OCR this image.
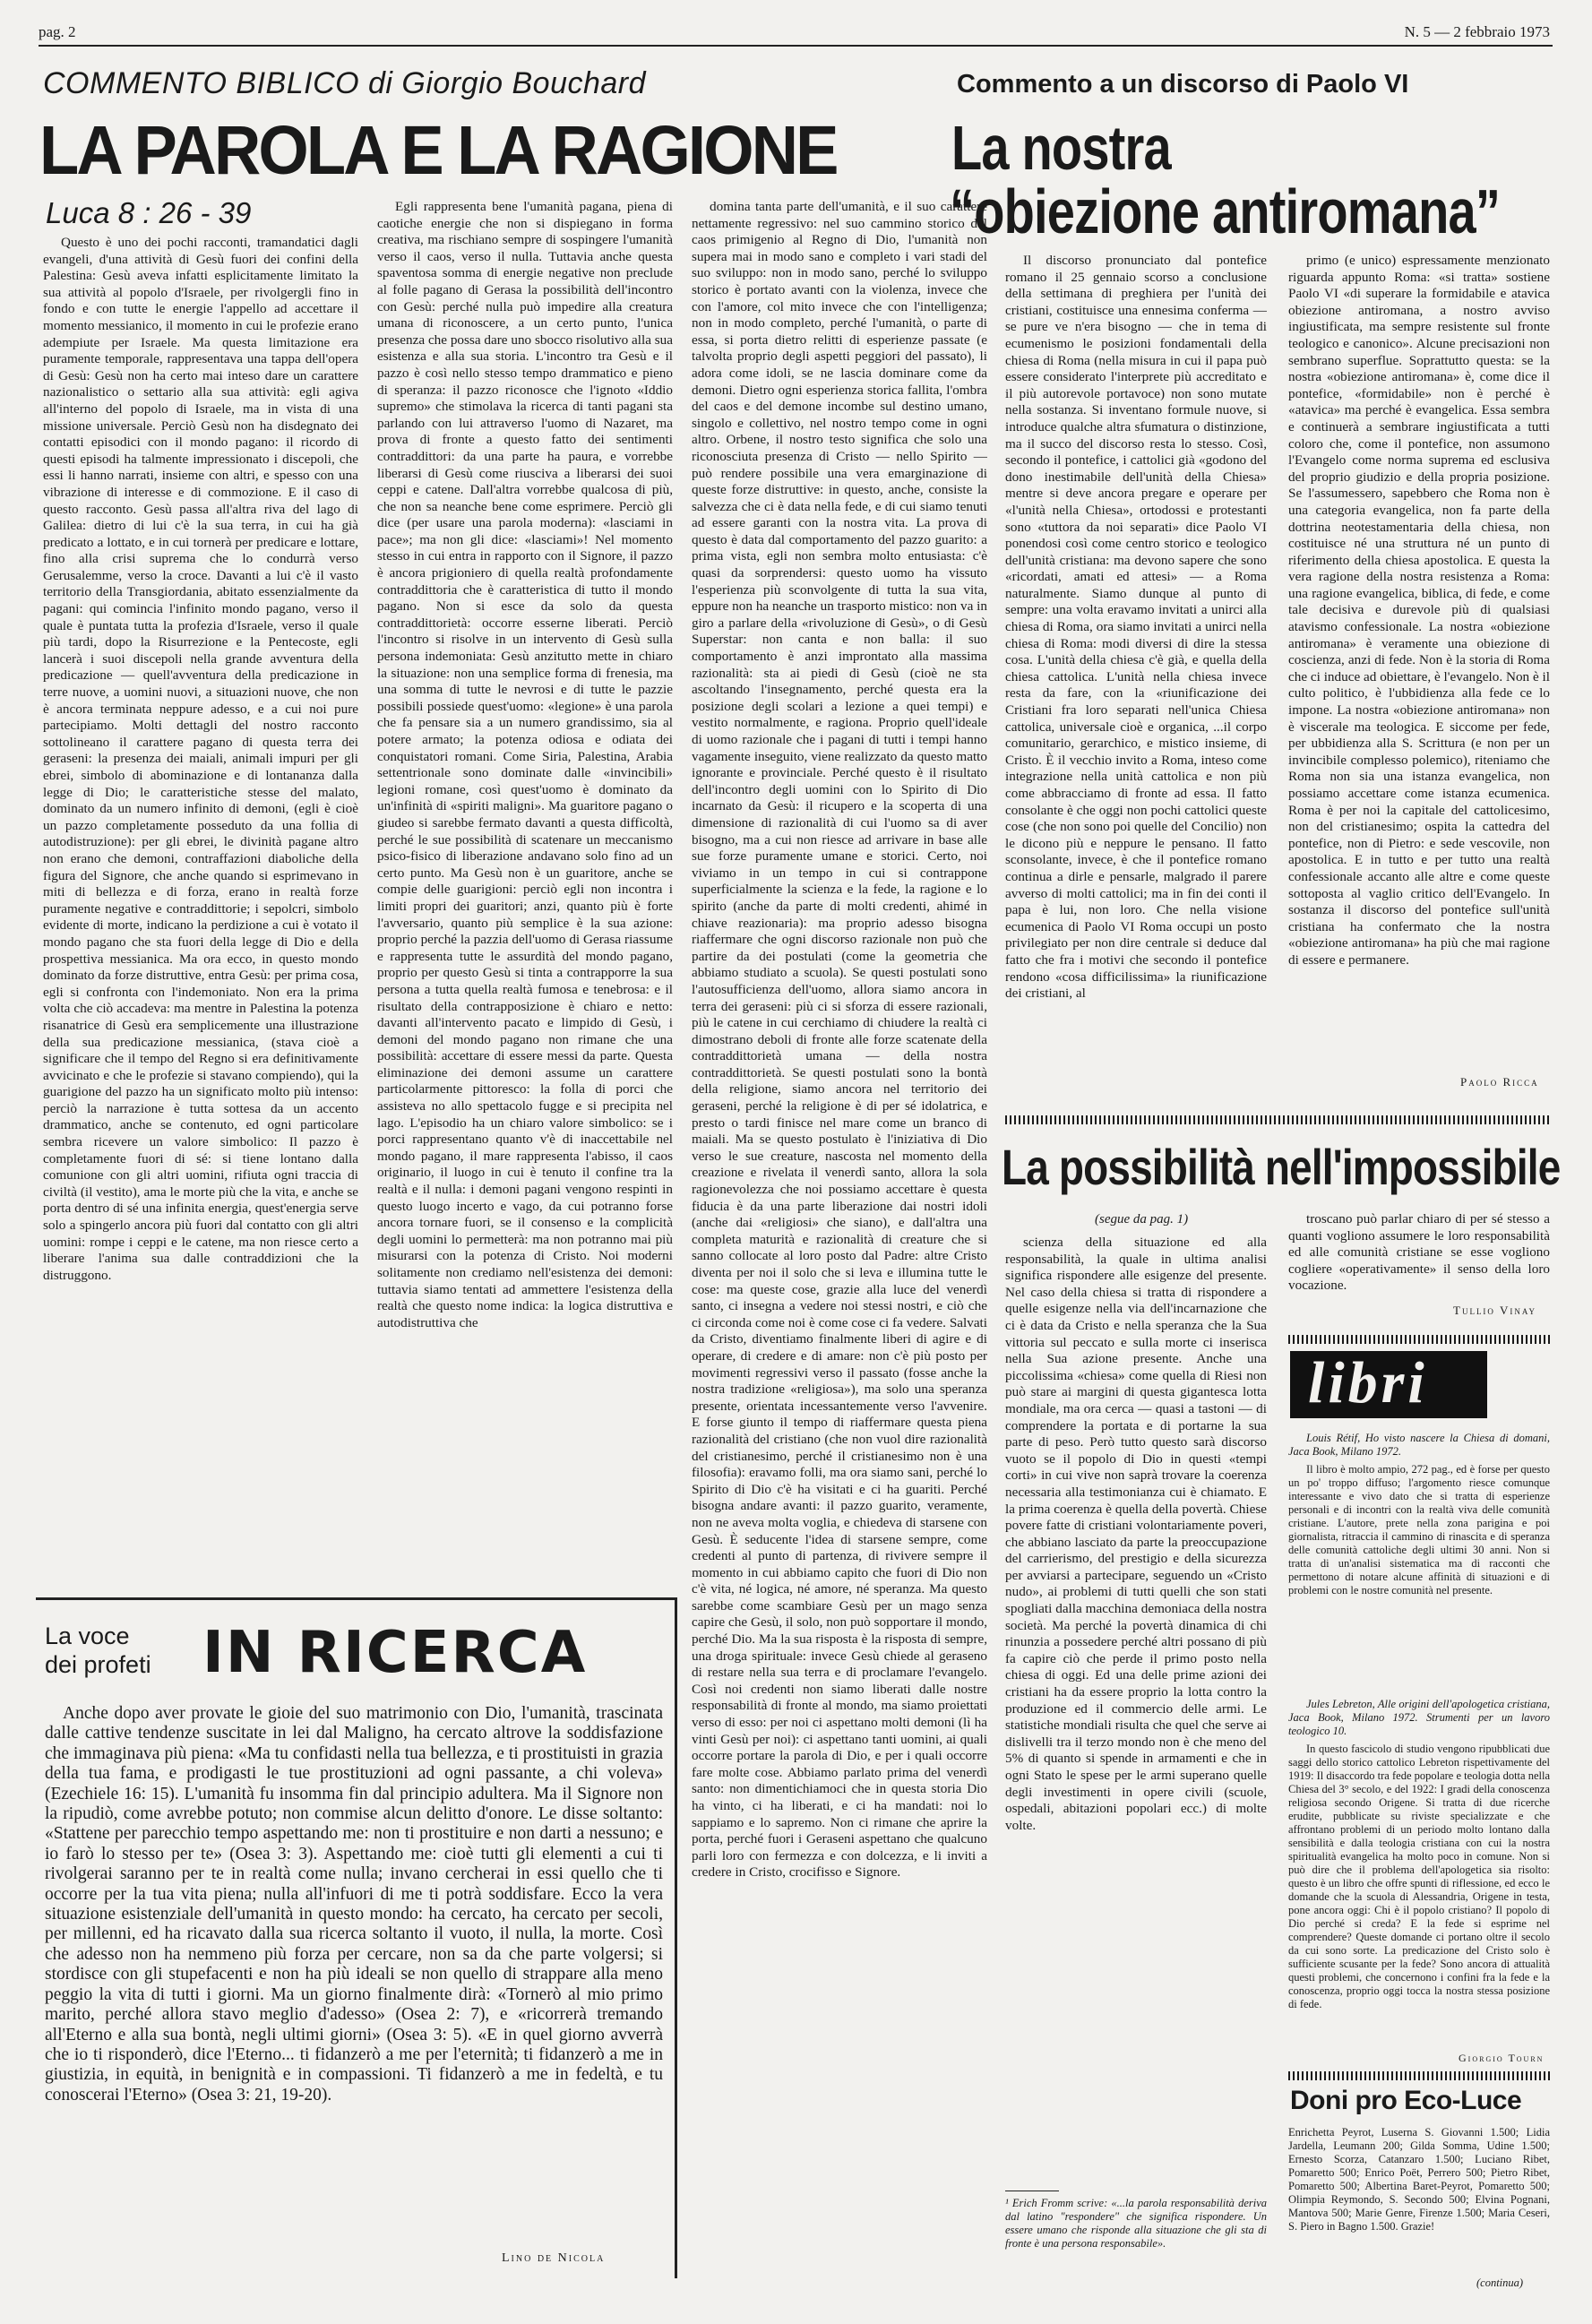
pag. 2	N. 5 — 2 febbraio 1973
COMMENTO BIBLICO di Giorgio Bouchard
LA PAROLA E LA RAGIONE
Luca 8 : 26 - 39

Questo è uno dei pochi racconti, tramandatici dagli evangeli, d'una attività di Gesù fuori dei confini della Palestina: Gesù aveva infatti esplicitamente limitato la sua attività al popolo d'Israele, per rivolgergli fino in fondo e con tutte le energie l'appello ad accettare il momento messianico, il momento in cui le profezie erano adempiute per Israele. Ma questa limitazione era puramente temporale, rappresentava una tappa dell'opera di Gesù: Gesù non ha certo mai inteso dare un carattere nazionalistico o settario alla sua attività: egli agiva all'interno del popolo di Israele, ma in vista di una missione universale. Perciò Gesù non ha disdegnato dei contatti episodici con il mondo pagano: il ricordo di questi episodi ha talmente impressionato i discepoli, che essi li hanno narrati, insieme con altri, e spesso con una vibrazione di interesse e di commozione. E il caso di questo racconto. Gesù passa all'altra riva del lago di Galilea: dietro di lui c'è la sua terra, in cui ha già predicato a lottato, e in cui tornerà per predicare e lottare, fino alla crisi suprema che lo condurrà verso Gerusalemme, verso la croce. Davanti a lui c'è il vasto territorio della Transgiordania, abitato essenzialmente da pagani: qui comincia l'infinito mondo pagano, verso il quale è puntata tutta la profezia d'Israele, verso il quale più tardi, dopo la Risurrezione e la Pentecoste, egli lancerà i suoi discepoli nella grande avventura della predicazione — quell'avventura della predicazione in terre nuove, a uomini nuovi, a situazioni nuove, che non è ancora terminata neppure adesso, e a cui noi pure partecipiamo. Molti dettagli del nostro racconto sottolineano il carattere pagano di questa terra dei geraseni: la presenza dei maiali, animali impuri per gli ebrei, simbolo di abominazione e di lontananza dalla legge di Dio; le caratteristiche stesse del malato, dominato da un numero infinito di demoni, (egli è cioè un pazzo completamente posseduto da una follia di autodistruzione): per gli ebrei, le divinità pagane altro non erano che demoni, contraffazioni diaboliche della figura del Signore, che anche quando si esprimevano in miti di bellezza e di forza, erano in realtà forze puramente negative e contraddittorie; i sepolcri, simbolo evidente di morte, indicano la perdizione a cui è votato il mondo pagano che sta fuori della legge di Dio e della prospettiva messianica. Ma ora ecco, in questo mondo dominato da forze distruttive, entra Gesù: per prima cosa, egli si confronta con l'indemoniato. Non era la prima volta che ciò accadeva: ma mentre in Palestina la potenza risanatrice di Gesù era semplicemente una illustrazione della sua predicazione messianica, (stava cioè a significare che il tempo del Regno si era definitivamente avvicinato e che le profezie si stavano compiendo), qui la guarigione del pazzo ha un significato molto più intenso: perciò la narrazione è tutta sottesa da un accento drammatico, anche se contenuto, ed ogni particolare sembra ricevere un valore simbolico: Il pazzo è completamente fuori di sé: si tiene lontano dalla comunione con gli altri uomini, rifiuta ogni traccia di civiltà (il vestito), ama le morte più che la vita, e anche se porta dentro di sé una infinita energia, quest'energia serve solo a spingerlo ancora più fuori dal contatto con gli altri uomini: rompe i ceppi e le catene, ma non riesce certo a liberare l'anima sua dalle contraddizioni che la distruggono.

Egli rappresenta bene l'umanità pagana, piena di caotiche energie che non si dispiegano in forma creativa, ma rischiano sempre di sospingere l'umanità verso il caos, verso il nulla. Tuttavia anche questa spaventosa somma di energie negative non preclude al folle pagano di Gerasa la possibilità dell'incontro con Gesù: perché nulla può impedire alla creatura umana di riconoscere, a un certo punto, l'unica presenza che possa dare uno sbocco risolutivo alla sua esistenza e alla sua storia. L'incontro tra Gesù e il pazzo è così nello stesso tempo drammatico e pieno di speranza: il pazzo riconosce che l'ignoto «Iddio supremo» che stimolava la ricerca di tanti pagani sta parlando con lui attraverso l'uomo di Nazaret, ma prova di fronte a questo fatto dei sentimenti contraddittori: da una parte ha paura, e vorrebbe liberarsi di Gesù come riusciva a liberarsi dei suoi ceppi e catene. Dall'altra vorrebbe qualcosa di più, che non sa neanche bene come esprimere. Perciò gli dice (per usare una parola moderna): «lasciami in pace»; ma non gli dice: «lasciami»! Nel momento stesso in cui entra in rapporto con il Signore, il pazzo è ancora prigioniero di quella realtà profondamente contraddittoria che è caratteristica di tutto il mondo pagano. Non si esce da solo da questa contraddittorietà: occorre esserne liberati. Perciò l'incontro si risolve in un intervento di Gesù sulla persona indemoniata: Gesù anzitutto mette in chiaro la situazione: non una semplice forma di frenesia, ma una somma di tutte le nevrosi e di tutte le pazzie possibili possiede quest'uomo: «legione» è una parola che fa pensare sia a un numero grandissimo, sia al potere armato; la potenza odiosa e odiata dei conquistatori romani. Come Siria, Palestina, Arabia settentrionale sono dominate dalle «invincibili» legioni romane, così quest'uomo è dominato da un'infinità di «spiriti maligni». Ma guaritore pagano o giudeo si sarebbe fermato davanti a questa difficoltà, perché le sue possibilità di scatenare un meccanismo psico-fisico di liberazione andavano solo fino ad un certo punto. Ma Gesù non è un guaritore, anche se compie delle guarigioni: perciò egli non incontra i limiti propri dei guaritori; anzi, quanto più è forte l'avversario, quanto più semplice è la sua azione: proprio perché la pazzia dell'uomo di Gerasa riassume e rappresenta tutte le assurdità del mondo pagano, proprio per questo Gesù si tinta a contrapporre la sua persona a tutta quella realtà fumosa e tenebrosa: e il risultato della contrapposizione è chiaro e netto: davanti all'intervento pacato e limpido di Gesù, i demoni del mondo pagano non rimane che una possibilità: accettare di essere messi da parte. Questa eliminazione dei demoni assume un carattere particolarmente pittoresco: la folla di porci che assisteva no allo spettacolo fugge e si precipita nel lago. L'episodio ha un chiaro valore simbolico: se i porci rappresentano quanto v'è di inaccettabile nel mondo pagano, il mare rappresenta l'abisso, il caos originario, il luogo in cui è tenuto il confine tra la realtà e il nulla: i demoni pagani vengono respinti in questo luogo incerto e vago, da cui potranno forse ancora tornare fuori, se il consenso e la complicità degli uomini lo permetterà: ma non potranno mai più misurarsi con la potenza di Cristo. Noi moderni solitamente non crediamo nell'esistenza dei demoni: tuttavia siamo tentati ad ammettere l'esistenza della realtà che questo nome indica: la logica distruttiva e autodistruttiva che

domina tanta parte dell'umanità, e il suo carattere nettamente regressivo: nel suo cammino storico dal caos primigenio al Regno di Dio, l'umanità non supera mai in modo sano e completo i vari stadi del suo sviluppo: non in modo sano, perché lo sviluppo storico è portato avanti con la violenza, invece che con l'amore, col mito invece che con l'intelligenza; non in modo completo, perché l'umanità, o parte di essa, si porta dietro relitti di esperienze passate (e talvolta proprio degli aspetti peggiori del passato), li adora come idoli, se ne lascia dominare come da demoni. Dietro ogni esperienza storica fallita, l'ombra del caos e del demone incombe sul destino umano, singolo e collettivo, nel nostro tempo come in ogni altro. Orbene, il nostro testo significa che solo una riconosciuta presenza di Cristo — nello Spirito — può rendere possibile una vera emarginazione di queste forze distruttive: in questo, anche, consiste la salvezza che ci è data nella fede, e di cui siamo tenuti ad essere garanti con la nostra vita. La prova di questo è data dal comportamento del pazzo guarito: a prima vista, egli non sembra molto entusiasta: c'è quasi da sorprendersi: questo uomo ha vissuto l'esperienza più sconvolgente di tutta la sua vita, eppure non ha neanche un trasporto mistico: non va in giro a parlare della «rivoluzione di Gesù», o di Gesù Superstar: non canta e non balla: il suo comportamento è anzi improntato alla massima razionalità: sta ai piedi di Gesù (cioè ne sta ascoltando l'insegnamento, perché questa era la posizione degli scolari a lezione a quei tempi) e vestito normalmente, e ragiona. Proprio quell'ideale di uomo razionale che i pagani di tutti i tempi hanno vagamente inseguito, viene realizzato da questo matto ignorante e provinciale. Perché questo è il risultato dell'incontro degli uomini con lo Spirito di Dio incarnato da Gesù: il ricupero e la scoperta di una dimensione di razionalità di cui l'uomo sa di aver bisogno, ma a cui non riesce ad arrivare in base alle sue forze puramente umane e storici. Certo, noi viviamo in un tempo in cui si contrappone superficialmente la scienza e la fede, la ragione e lo spirito (anche da parte di molti credenti, ahimé in chiave reazionaria): ma proprio adesso bisogna riaffermare che ogni discorso razionale non può che partire da dei postulati (come la geometria che abbiamo studiato a scuola). Se questi postulati sono l'autosufficienza dell'uomo, allora siamo ancora in terra dei geraseni: più ci si sforza di essere razionali, più le catene in cui cerchiamo di chiudere la realtà ci dimostrano deboli di fronte alle forze scatenate della contraddittorietà umana — della nostra contraddittorietà. Se questi postulati sono la bontà della religione, siamo ancora nel territorio dei geraseni, perché la religione è di per sé idolatrica, e presto o tardi finisce nel mare come un branco di maiali. Ma se questo postulato è l'iniziativa di Dio verso le sue creature, nascosta nel momento della creazione e rivelata il venerdì santo, allora la sola ragionevolezza che noi possiamo accettare è questa fiducia è da una parte liberazione dai nostri idoli (anche dai «religiosi» che siano), e dall'altra una completa maturità e razionalità di creature che si sanno collocate al loro posto dal Padre: altre Cristo diventa per noi il solo che si leva e illumina tutte le cose: ma queste cose, grazie alla luce del venerdì santo, ci insegna a vedere noi stessi nostri, e ciò che ci circonda come noi è come cose ci fa vedere. Salvati da Cristo, diventiamo finalmente liberi di agire e di operare, di credere e di amare: non c'è più posto per movimenti regressivi verso il passato (fosse anche la nostra tradizione «religiosa»), ma solo una speranza presente, orientata incessantemente verso l'avvenire. E forse giunto il tempo di riaffermare questa piena razionalità del cristiano (che non vuol dire razionalità del cristianesimo, perché il cristianesimo non è una filosofia): eravamo folli, ma ora siamo sani, perché lo Spirito di Dio c'è ha visitati e ci ha guariti. Perché bisogna andare avanti: il pazzo guarito, veramente, non ne aveva molta voglia, e chiedeva di starsene con Gesù. È seducente l'idea di starsene sempre, come credenti al punto di partenza, di rivivere sempre il momento in cui abbiamo capito che fuori di Dio non c'è vita, né logica, né amore, né speranza. Ma questo sarebbe come scambiare Gesù per un mago senza capire che Gesù, il solo, non può sopportare il mondo, perché Dio. Ma la sua risposta è la risposta di sempre, una droga spirituale: invece Gesù chiede al geraseno di restare nella sua terra e di proclamare l'evangelo. Così noi credenti non siamo liberati dalle nostre responsabilità di fronte al mondo, ma siamo proiettati verso di esso: per noi ci aspettano molti demoni (lì ha vinti Gesù per noi): ci aspettano tanti uomini, ai quali occorre portare la parola di Dio, e per i quali occorre fare molte cose. Abbiamo parlato prima del venerdì santo: non dimentichiamoci che in questa storia Dio ha vinto, ci ha liberati, e ci ha mandati: noi lo sappiamo e lo sapremo. Non ci rimane che aprire la porta, perché fuori i Geraseni aspettano che qualcuno parli loro con fermezza e con dolcezza, e li inviti a credere in Cristo, crocifisso e Signore.

La voce dei profeti IN RICERCA

Anche dopo aver provate le gioie del suo matrimonio con Dio, l'umanità, trascinata dalle cattive tendenze suscitate in lei dal Maligno, ha cercato altrove la soddisfazione che immaginava più piena: «Ma tu confidasti nella tua bellezza, e ti prostituisti in grazia della tua fama, e prodigasti le tue prostituzioni ad ogni passante, a chi voleva» (Ezechiele 16: 15). L'umanità fu insomma fin dal principio adultera. Ma il Signore non la ripudiò, come avrebbe potuto; non commise alcun delitto d'onore. Le disse soltanto: «Stattene per parecchio tempo aspettando me: non ti prostituire e non darti a nessuno; e io farò lo stesso per te» (Osea 3: 3). Aspettando me: cioè tutti gli elementi a cui ti rivolgerai saranno per te in realtà come nulla; invano cercherai in essi quello che ti occorre per la tua vita piena; nulla all'infuori di me ti potrà soddisfare. Ecco la vera situazione esistenziale dell'umanità in questo mondo: ha cercato, ha cercato per secoli, per millenni, ed ha ricavato dalla sua ricerca soltanto il vuoto, il nulla, la morte. Così che adesso non ha nemmeno più forza per cercare, non sa da che parte volgersi; si stordisce con gli stupefacenti e non ha più ideali se non quello di strappare alla meno peggio la vita di tutti i giorni. Ma un giorno finalmente dirà: «Tornerò al mio primo marito, perché allora stavo meglio d'adesso» (Osea 2: 7), e «ricorrerà tremando all'Eterno e alla sua bontà, negli ultimi giorni» (Osea 3: 5). «E in quel giorno avverrà che io ti risponderò, dice l'Eterno... ti fidanzerò a me per l'eternità; ti fidanzerò a me in giustizia, in equità, in benignità e in compassioni. Ti fidanzerò a me in fedeltà, e tu conoscerai l'Eterno» (Osea 3: 21, 19-20).

Lino de Nicola
Commento a un discorso di Paolo VI
La nostra
“obiezione antiromana”

Il discorso pronunciato dal pontefice romano il 25 gennaio scorso a conclusione della settimana di preghiera per l'unità dei cristiani, costituisce una ennesima conferma — se pure ve n'era bisogno — che in tema di ecumenismo le posizioni fondamentali della chiesa di Roma (nella misura in cui il papa può essere considerato l'interprete più accreditato e il più autorevole portavoce) non sono mutate nella sostanza. Si inventano formule nuove, si introduce qualche altra sfumatura o distinzione, ma il succo del discorso resta lo stesso. Così, secondo il pontefice, i cattolici già «godono del dono inestimabile dell'unità della Chiesa» mentre si deve ancora pregare e operare per «l'unità nella Chiesa», ortodossi e protestanti sono «tuttora da noi separati» dice Paolo VI ponendosi così come centro storico e teologico dell'unità cristiana: ma devono sapere che sono «ricordati, amati ed attesi» — a Roma naturalmente. Siamo dunque al punto di sempre: una volta eravamo invitati a unirci alla chiesa di Roma, ora siamo invitati a unirci nella chiesa di Roma: modi diversi di dire la stessa cosa. L'unità della chiesa c'è già, e quella della chiesa cattolica. L'unità nella chiesa invece resta da fare, con la «riunificazione dei Cristiani fra loro separati nell'unica Chiesa cattolica, universale cioè e organica, ...il corpo comunitario, gerarchico, e mistico insieme, di Cristo. È il vecchio invito a Roma, inteso come integrazione nella unità cattolica e non più come abbracciamo di fronte ad essa. Il fatto consolante è che oggi non pochi cattolici queste cose (che non sono poi quelle del Concilio) non le dicono più e neppure le pensano. Il fatto sconsolante, invece, è che il pontefice romano continua a dirle e pensarle, malgrado il parere avverso di molti cattolici; ma in fin dei conti il papa è lui, non loro. Che nella visione ecumenica di Paolo VI Roma occupi un posto privilegiato per non dire centrale si deduce dal fatto che fra i motivi che secondo il pontefice rendono «cosa difficilissima» la riunificazione dei cristiani, al

primo (e unico) espressamente menzionato riguarda appunto Roma: «si tratta» sostiene Paolo VI «di superare la formidabile e atavica obiezione antiromana, a nostro avviso ingiustificata, ma sempre resistente sul fronte teologico e canonico». Alcune precisazioni non sembrano superflue. Soprattutto questa: se la nostra «obiezione antiromana» è, come dice il pontefice, «formidabile» non è perché è «atavica» ma perché è evangelica. Essa sembra e continuerà a sembrare ingiustificata a tutti coloro che, come il pontefice, non assumono l'Evangelo come norma suprema ed esclusiva del proprio giudizio e della propria posizione. Se l'assumessero, sapebbero che Roma non è una categoria evangelica, non fa parte della dottrina neotestamentaria della chiesa, non costituisce né una struttura né un punto di riferimento della chiesa apostolica. E questa la vera ragione della nostra resistenza a Roma: una ragione evangelica, biblica, di fede, e come tale decisiva e durevole più di qualsiasi atavismo confessionale. La nostra «obiezione antiromana» è veramente una obiezione di coscienza, anzi di fede. Non è la storia di Roma che ci induce ad obiettare, è l'evangelo. Non è il culto politico, è l'ubbidienza alla fede ce lo impone. La nostra «obiezione antiromana» non è viscerale ma teologica. E siccome per fede, per ubbidienza alla S. Scrittura (e non per un invincibile complesso polemico), riteniamo che Roma non sia una istanza evangelica, non possiamo accettare come istanza ecumenica. Roma è per noi la capitale del cattolicesimo, non del cristianesimo; ospita la cattedra del pontefice, non di Pietro: e sede vescovile, non apostolica. E in tutto e per tutto una realtà confessionale accanto alle altre e come queste sottoposta al vaglio critico dell'Evangelo. In sostanza il discorso del pontefice sull'unità cristiana ha confermato che la nostra «obiezione antiromana» ha più che mai ragione di essere e permanere.

Paolo Ricca
La possibilità nell'impossibile
(segue da pag. 1)

scienza della situazione ed alla responsabilità, la quale in ultima analisi significa rispondere alle esigenze del presente. Nel caso della chiesa si tratta di rispondere a quelle esigenze nella via dell'incarnazione che ci è data da Cristo e nella speranza che la Sua vittoria sul peccato e sulla morte ci inserisca nella Sua azione presente. Anche una piccolissima «chiesa» come quella di Riesi non può stare ai margini di questa gigantesca lotta mondiale, ma ora cerca — quasi a tastoni — di comprendere la portata e di portarne la sua parte di peso. Però tutto questo sarà discorso vuoto se il popolo di Dio in questi «tempi corti» in cui vive non saprà trovare la coerenza necessaria alla testimonianza cui è chiamato. E la prima coerenza è quella della povertà. Chiese povere fatte di cristiani volontariamente poveri, che abbiano lasciato da parte la preoccupazione del carrierismo, del prestigio e della sicurezza per avviarsi a partecipare, seguendo un «Cristo nudo», ai problemi di tutti quelli che son stati spogliati dalla macchina demoniaca della nostra società. Ma perché la povertà dinamica di chi rinunzia a possedere perché altri possano di più fa capire ciò che perde il primo posto nella chiesa di oggi. Ed una delle prime azioni dei cristiani ha da essere proprio la lotta contro la produzione ed il commercio delle armi. Le statistiche mondiali risulta che quel che serve ai dislivelli tra il terzo mondo non è che meno del 5% di quanto si spende in armamenti e che in ogni Stato le spese per le armi superano quelle degli investimenti in opere civili (scuole, ospedali, abitazioni popolari ecc.) di molte volte.

troscano può parlar chiaro di per sé stesso a quanti vogliono assumere le loro responsabilità ed alle comunità cristiane se esse vogliono cogliere «operativamente» il senso della loro vocazione.

Tullio Vinay

¹ Erich Fromm scrive: «...la parola responsabilità deriva dal latino "respondere" che significa rispondere. Un essere umano che risponde alla situazione che gli sta di fronte è una persona responsabile».

libri

Louis Rétif, Ho visto nascere la Chiesa di domani, Jaca Book, Milano 1972.

Il libro è molto ampio, 272 pag., ed è forse per questo un po' troppo diffuso; l'argomento riesce comunque interessante e vivo dato che si tratta di esperienze personali e di incontri con la realtà viva delle comunità cristiane. L'autore, prete nella zona parigina e poi giornalista, ritraccia il cammino di rinascita e di speranza delle comunità cattoliche degli ultimi 30 anni. Non si tratta di un'analisi sistematica ma di racconti che permettono di notare alcune affinità di situazioni e di problemi con le nostre comunità nel presente.

Jules Lebreton, Alle origini dell'apologetica cristiana, Jaca Book, Milano 1972. Strumenti per un lavoro teologico 10.

In questo fascicolo di studio vengono ripubblicati due saggi dello storico cattolico Lebreton rispettivamente del 1919: Il disaccordo tra fede popolare e teologia dotta nella Chiesa del 3° secolo, e del 1922: I gradi della conoscenza religiosa secondo Origene. Si tratta di due ricerche erudite, pubblicate su riviste specializzate e che affrontano problemi di un periodo molto lontano dalla sensibilità e dalla teologia cristiana con cui la nostra spiritualità evangelica ha molto poco in comune. Non si può dire che il problema dell'apologetica sia risolto: questo è un libro che offre spunti di riflessione, ed ecco le domande che la scuola di Alessandria, Origene in testa, pone ancora oggi: Chi è il popolo cristiano? Il popolo di Dio perché si creda? E la fede si esprime nel comprendere? Queste domande ci portano oltre il secolo da cui sono sorte. La predicazione del Cristo solo è sufficiente scusante per la fede? Sono ancora di attualità questi problemi, che concernono i confini fra la fede e la conoscenza, proprio oggi tocca la nostra stessa posizione di fede.

Giorgio Tourn
Doni pro Eco-Luce

Enrichetta Peyrot, Luserna S. Giovanni 1.500; Lidia Jardella, Leumann 200; Gilda Somma, Udine 1.500; Ernesto Scorza, Catanzaro 1.500; Luciano Ribet, Pomaretto 500; Enrico Poët, Perrero 500; Pietro Ribet, Pomaretto 500; Albertina Baret-Peyrot, Pomaretto 500; Olimpia Reymondo, S. Secondo 500; Elvina Pognani, Mantova 500; Marie Genre, Firenze 1.500; Maria Ceseri, S. Piero in Bagno 1.500. Grazie!

(continua)
